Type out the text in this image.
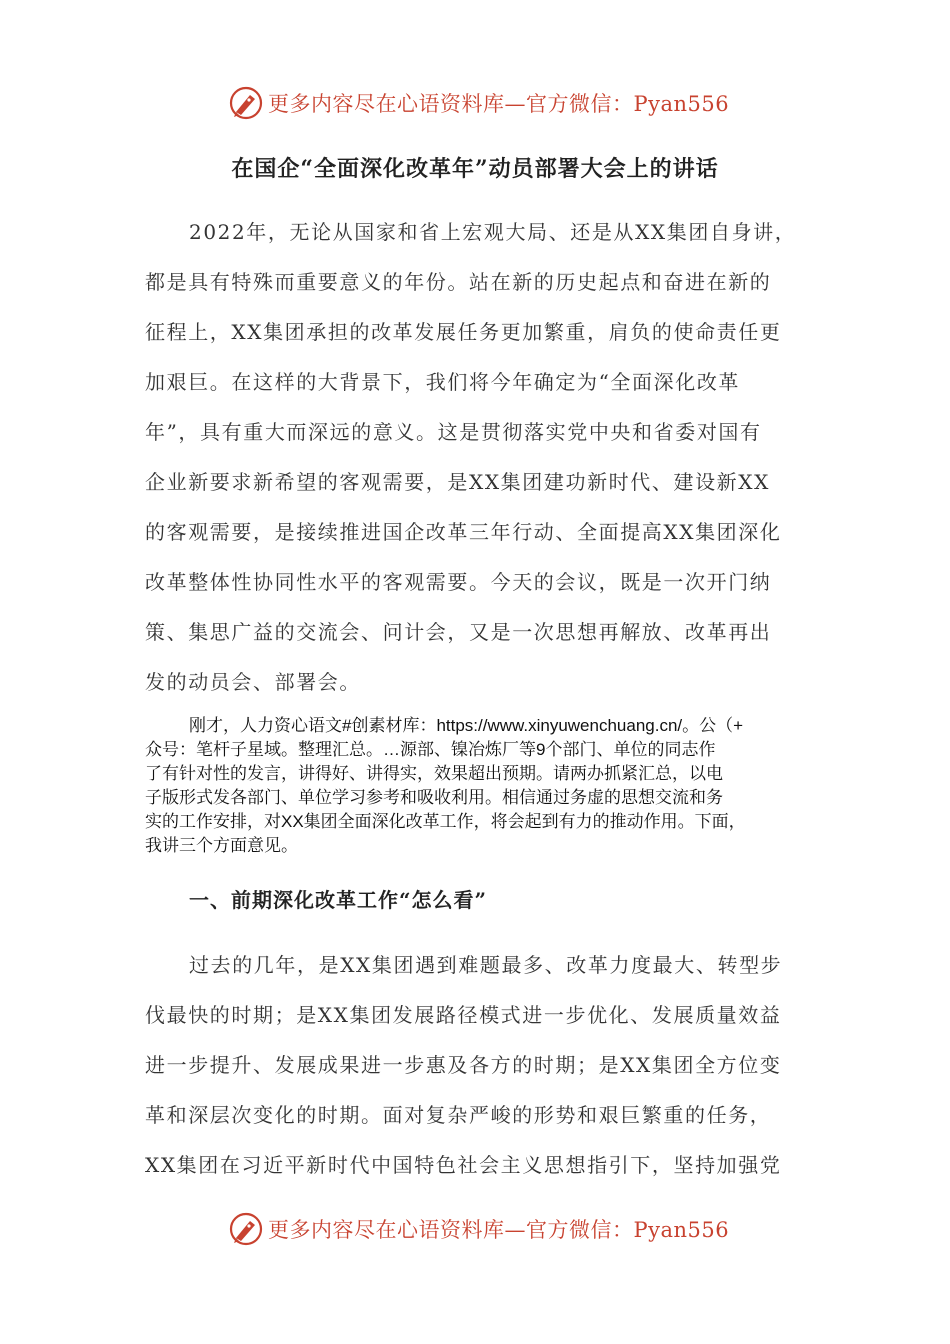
更多内容尽在心语资料库—官方微信：Pyan556
在国企“全面深化改革年”动员部署大会上的讲话
2022年，无论从国家和省上宏观大局、还是从XX集团自身讲，
都是具有特殊而重要意义的年份。站在新的历史起点和奋进在新的
征程上，XX集团承担的改革发展任务更加繁重，肩负的使命责任更
加艰巨。在这样的大背景下，我们将今年确定为“全面深化改革
年”，具有重大而深远的意义。这是贯彻落实党中央和省委对国有
企业新要求新希望的客观需要，是XX集团建功新时代、建设新XX
的客观需要，是接续推进国企改革三年行动、全面提高XX集团深化
改革整体性协同性水平的客观需要。今天的会议，既是一次开门纳
策、集思广益的交流会、问计会，又是一次思想再解放、改革再出
发的动员会、部署会。
刚才，人力资心语文#创素材库：https://www.xinyuwenchuang.cn/。公（+
众号：笔杆子星域。整理汇总。…源部、镍冶炼厂等9个部门、单位的同志作
了有针对性的发言，讲得好、讲得实，效果超出预期。请两办抓紧汇总，以电
子版形式发各部门、单位学习参考和吸收利用。相信通过务虚的思想交流和务
实的工作安排，对XX集团全面深化改革工作，将会起到有力的推动作用。下面，
我讲三个方面意见。
一、前期深化改革工作“怎么看”
过去的几年，是XX集团遇到难题最多、改革力度最大、转型步
伐最快的时期；是XX集团发展路径模式进一步优化、发展质量效益
进一步提升、发展成果进一步惠及各方的时期；是XX集团全方位变
革和深层次变化的时期。面对复杂严峻的形势和艰巨繁重的任务，
XX集团在习近平新时代中国特色社会主义思想指引下，坚持加强党
更多内容尽在心语资料库—官方微信：Pyan556
